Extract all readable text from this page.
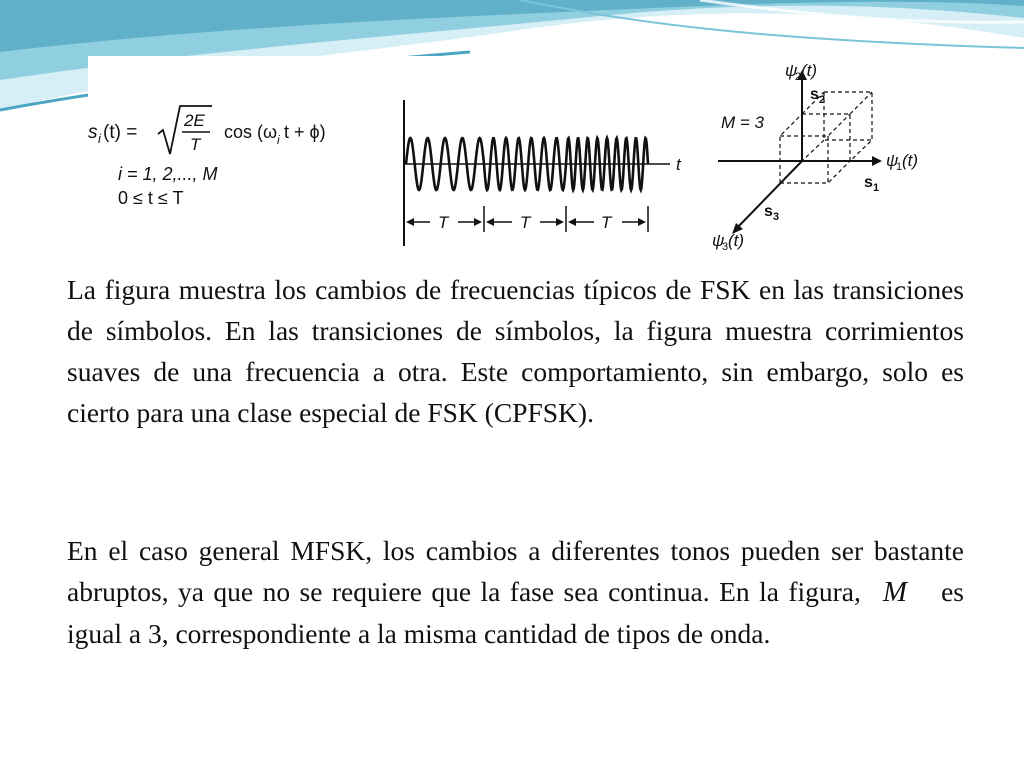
s i (t) =
2E
T
cos (ω i t + ϕ)
i = 1, 2,..., M
0 ≤ t ≤ T
t
T	T	T
M = 3
ψ
2 (t)
s 2
ψ
1 (t)
s 1
s 3
ψ
3 (t)

La figura muestra los cambios de frecuencias típicos de FSK en las transiciones de símbolos. En las transiciones de símbolos, la figura muestra corrimientos suaves de una frecuencia a otra. Este comportamiento, sin embargo, solo es cierto para una clase especial de FSK (CPFSK).

En el caso general MFSK, los cambios a diferentes tonos pueden ser bastante abruptos, ya que no se requiere que la fase sea continua. En la figura, M es igual a 3, correspondiente a la misma cantidad de tipos de onda.
